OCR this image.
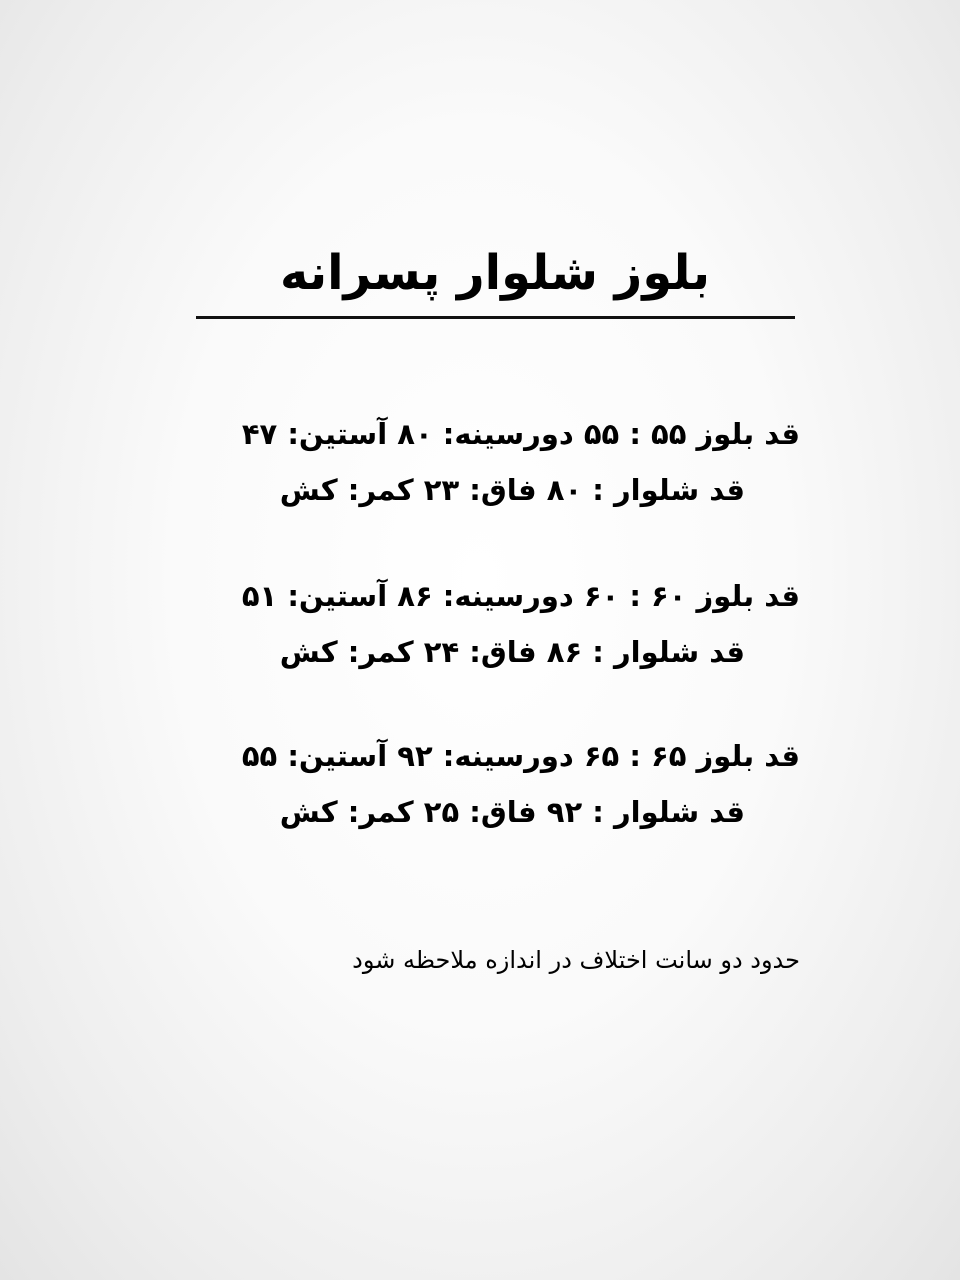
بلوز شلوار پسرانه
قد بلوز ۵۵ : ۵۵ دورسینه: ۸۰ آستین: ۴۷
قد شلوار : ۸۰ فاق: ۲۳ کمر: کش
قد بلوز ۶۰ : ۶۰ دورسینه: ۸۶ آستین: ۵۱
قد شلوار : ۸۶ فاق: ۲۴ کمر: کش
قد بلوز ۶۵ : ۶۵ دورسینه: ۹۲ آستین: ۵۵
قد شلوار : ۹۲ فاق: ۲۵ کمر: کش
حدود دو سانت اختلاف در اندازه ملاحظه شود
